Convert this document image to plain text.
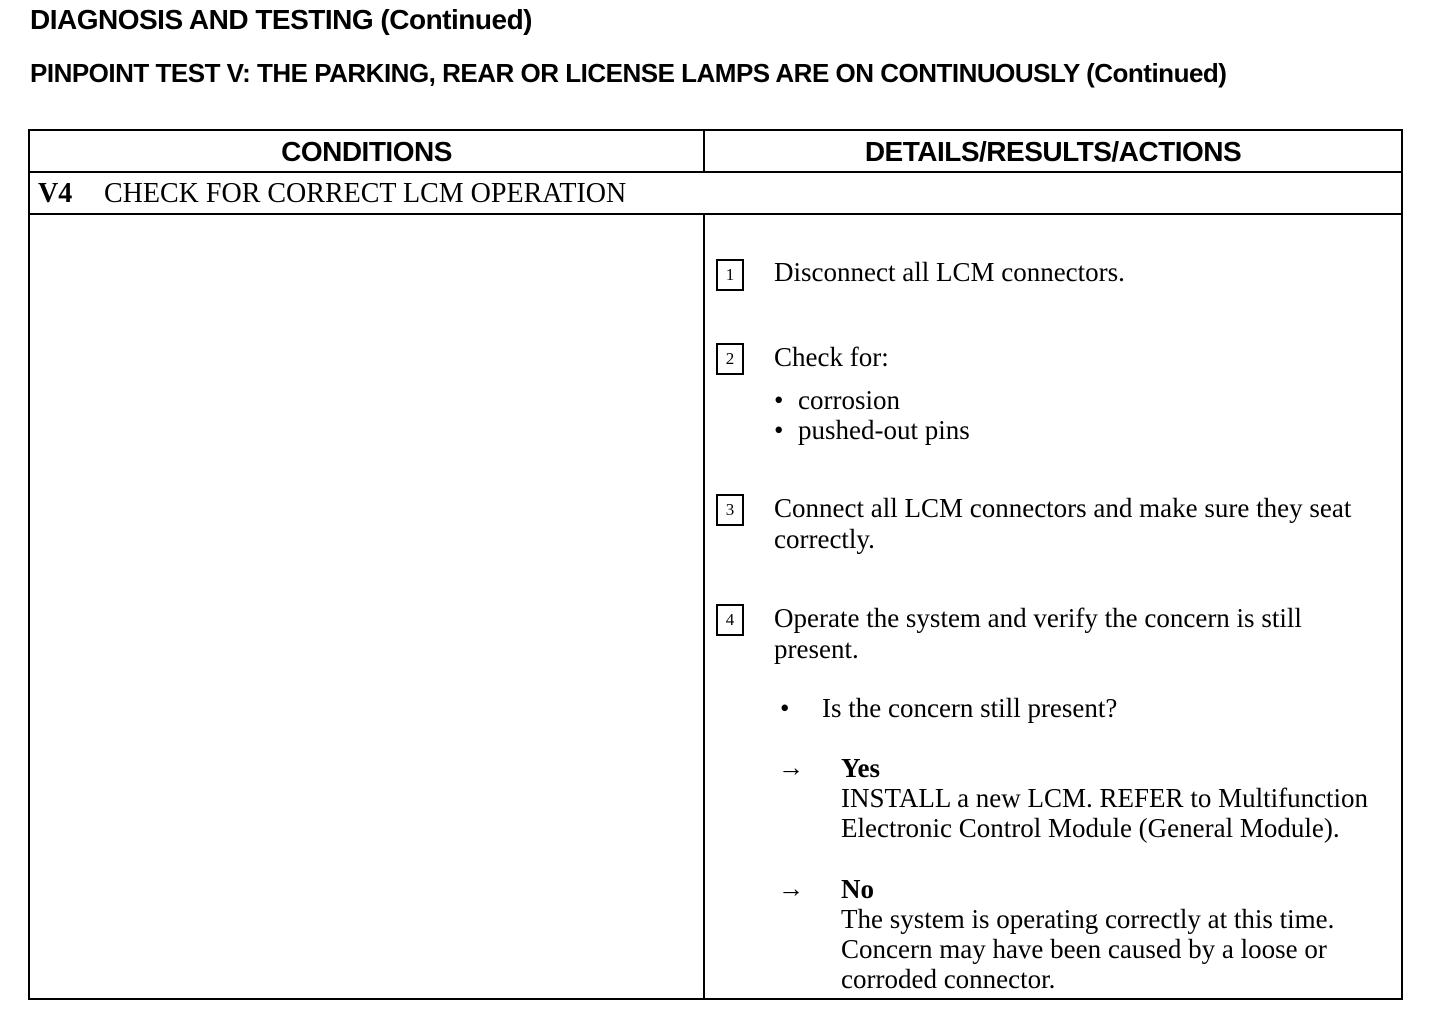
DIAGNOSIS AND TESTING (Continued)
PINPOINT TEST V: THE PARKING, REAR OR LICENSE LAMPS ARE ON CONTINUOUSLY (Continued)
CONDITIONS	DETAILS/RESULTS/ACTIONS
V4 CHECK FOR CORRECT LCM OPERATION
1	Disconnect all LCM connectors.
2	Check for:
• corrosion
• pushed-out pins
3	Connect all LCM connectors and make sure they seat correctly.
4	Operate the system and verify the concern is still present.
• Is the concern still present?
→ Yes
INSTALL a new LCM. REFER to Multifunction Electronic Control Module (General Module).
→ No
The system is operating correctly at this time. Concern may have been caused by a loose or corroded connector.
